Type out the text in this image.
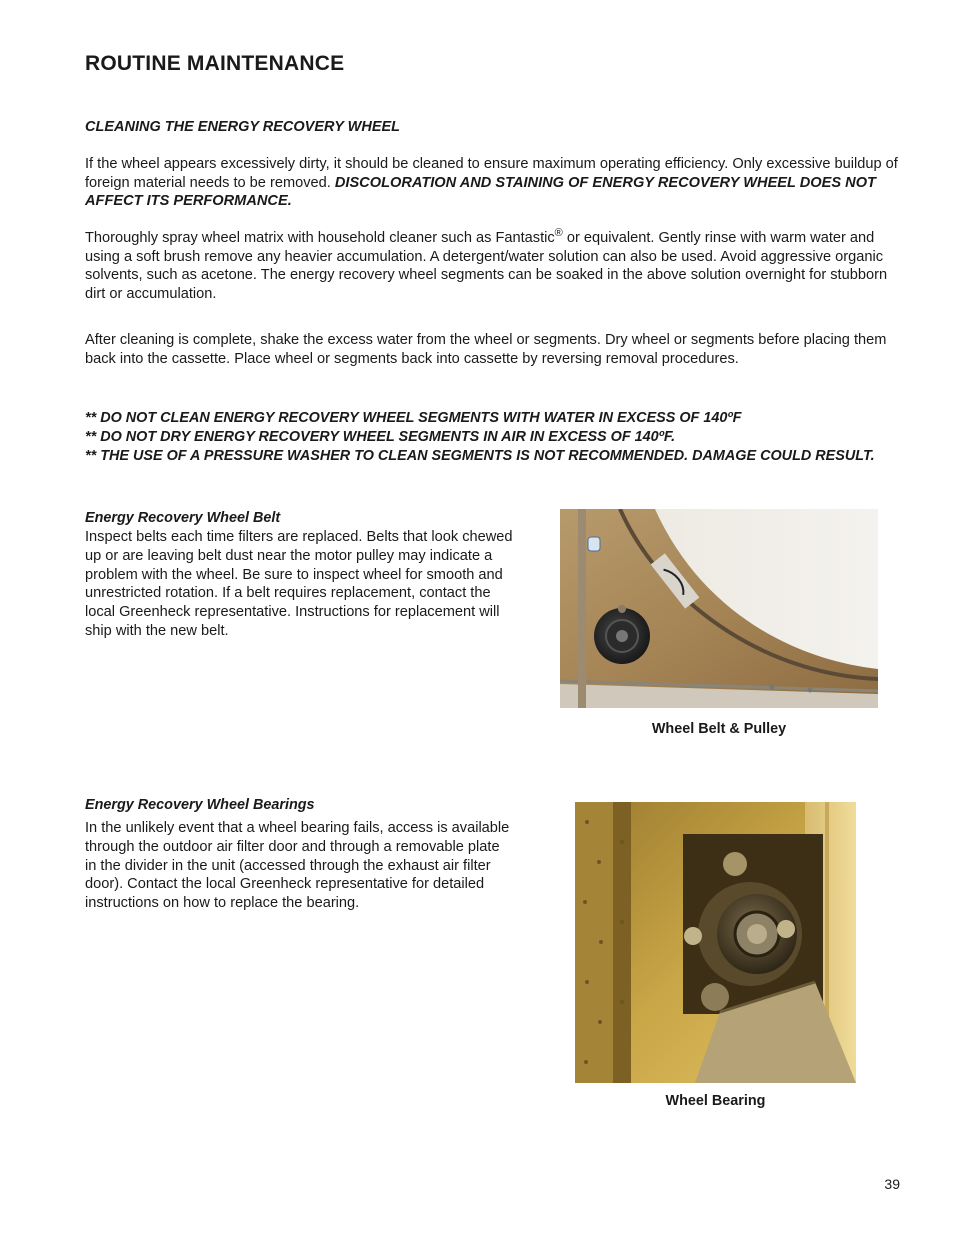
ROUTINE MAINTENANCE
CLEANING THE ENERGY RECOVERY WHEEL
If the wheel appears excessively dirty, it should be cleaned to ensure maximum operating efficiency. Only excessive buildup of foreign material needs to be removed. DISCOLORATION AND STAINING OF ENERGY RECOVERY WHEEL DOES NOT AFFECT ITS PERFORMANCE.
Thoroughly spray wheel matrix with household cleaner such as Fantastic® or equivalent. Gently rinse with warm water and using a soft brush remove any heavier accumulation. A detergent/water solution can also be used. Avoid aggressive organic solvents, such as acetone. The energy recovery wheel segments can be soaked in the above solution overnight for stubborn dirt or accumulation.
After cleaning is complete, shake the excess water from the wheel or segments. Dry wheel or segments before placing them back into the cassette. Place wheel or segments back into cassette by reversing removal procedures.
** DO NOT CLEAN ENERGY RECOVERY WHEEL SEGMENTS WITH WATER IN EXCESS OF 140ºF
** DO NOT DRY ENERGY RECOVERY WHEEL SEGMENTS IN AIR IN EXCESS OF 140ºF.
** THE USE OF A PRESSURE WASHER TO CLEAN SEGMENTS IS NOT RECOMMENDED. DAMAGE COULD RESULT.
Energy Recovery Wheel Belt
Inspect belts each time filters are replaced. Belts that look chewed up or are leaving belt dust near the motor pulley may indicate a problem with the wheel. Be sure to inspect wheel for smooth and unrestricted rotation. If a belt requires replacement, contact the local Greenheck representative. Instructions for replacement will ship with the new belt.
Wheel Belt & Pulley
Energy Recovery Wheel Bearings
In the unlikely event that a wheel bearing fails, access is available through the outdoor air filter door and through a removable plate in the divider in the unit (accessed through the exhaust air filter door). Contact the local Greenheck representative for detailed instructions on how to replace the bearing.
Wheel Bearing
39
